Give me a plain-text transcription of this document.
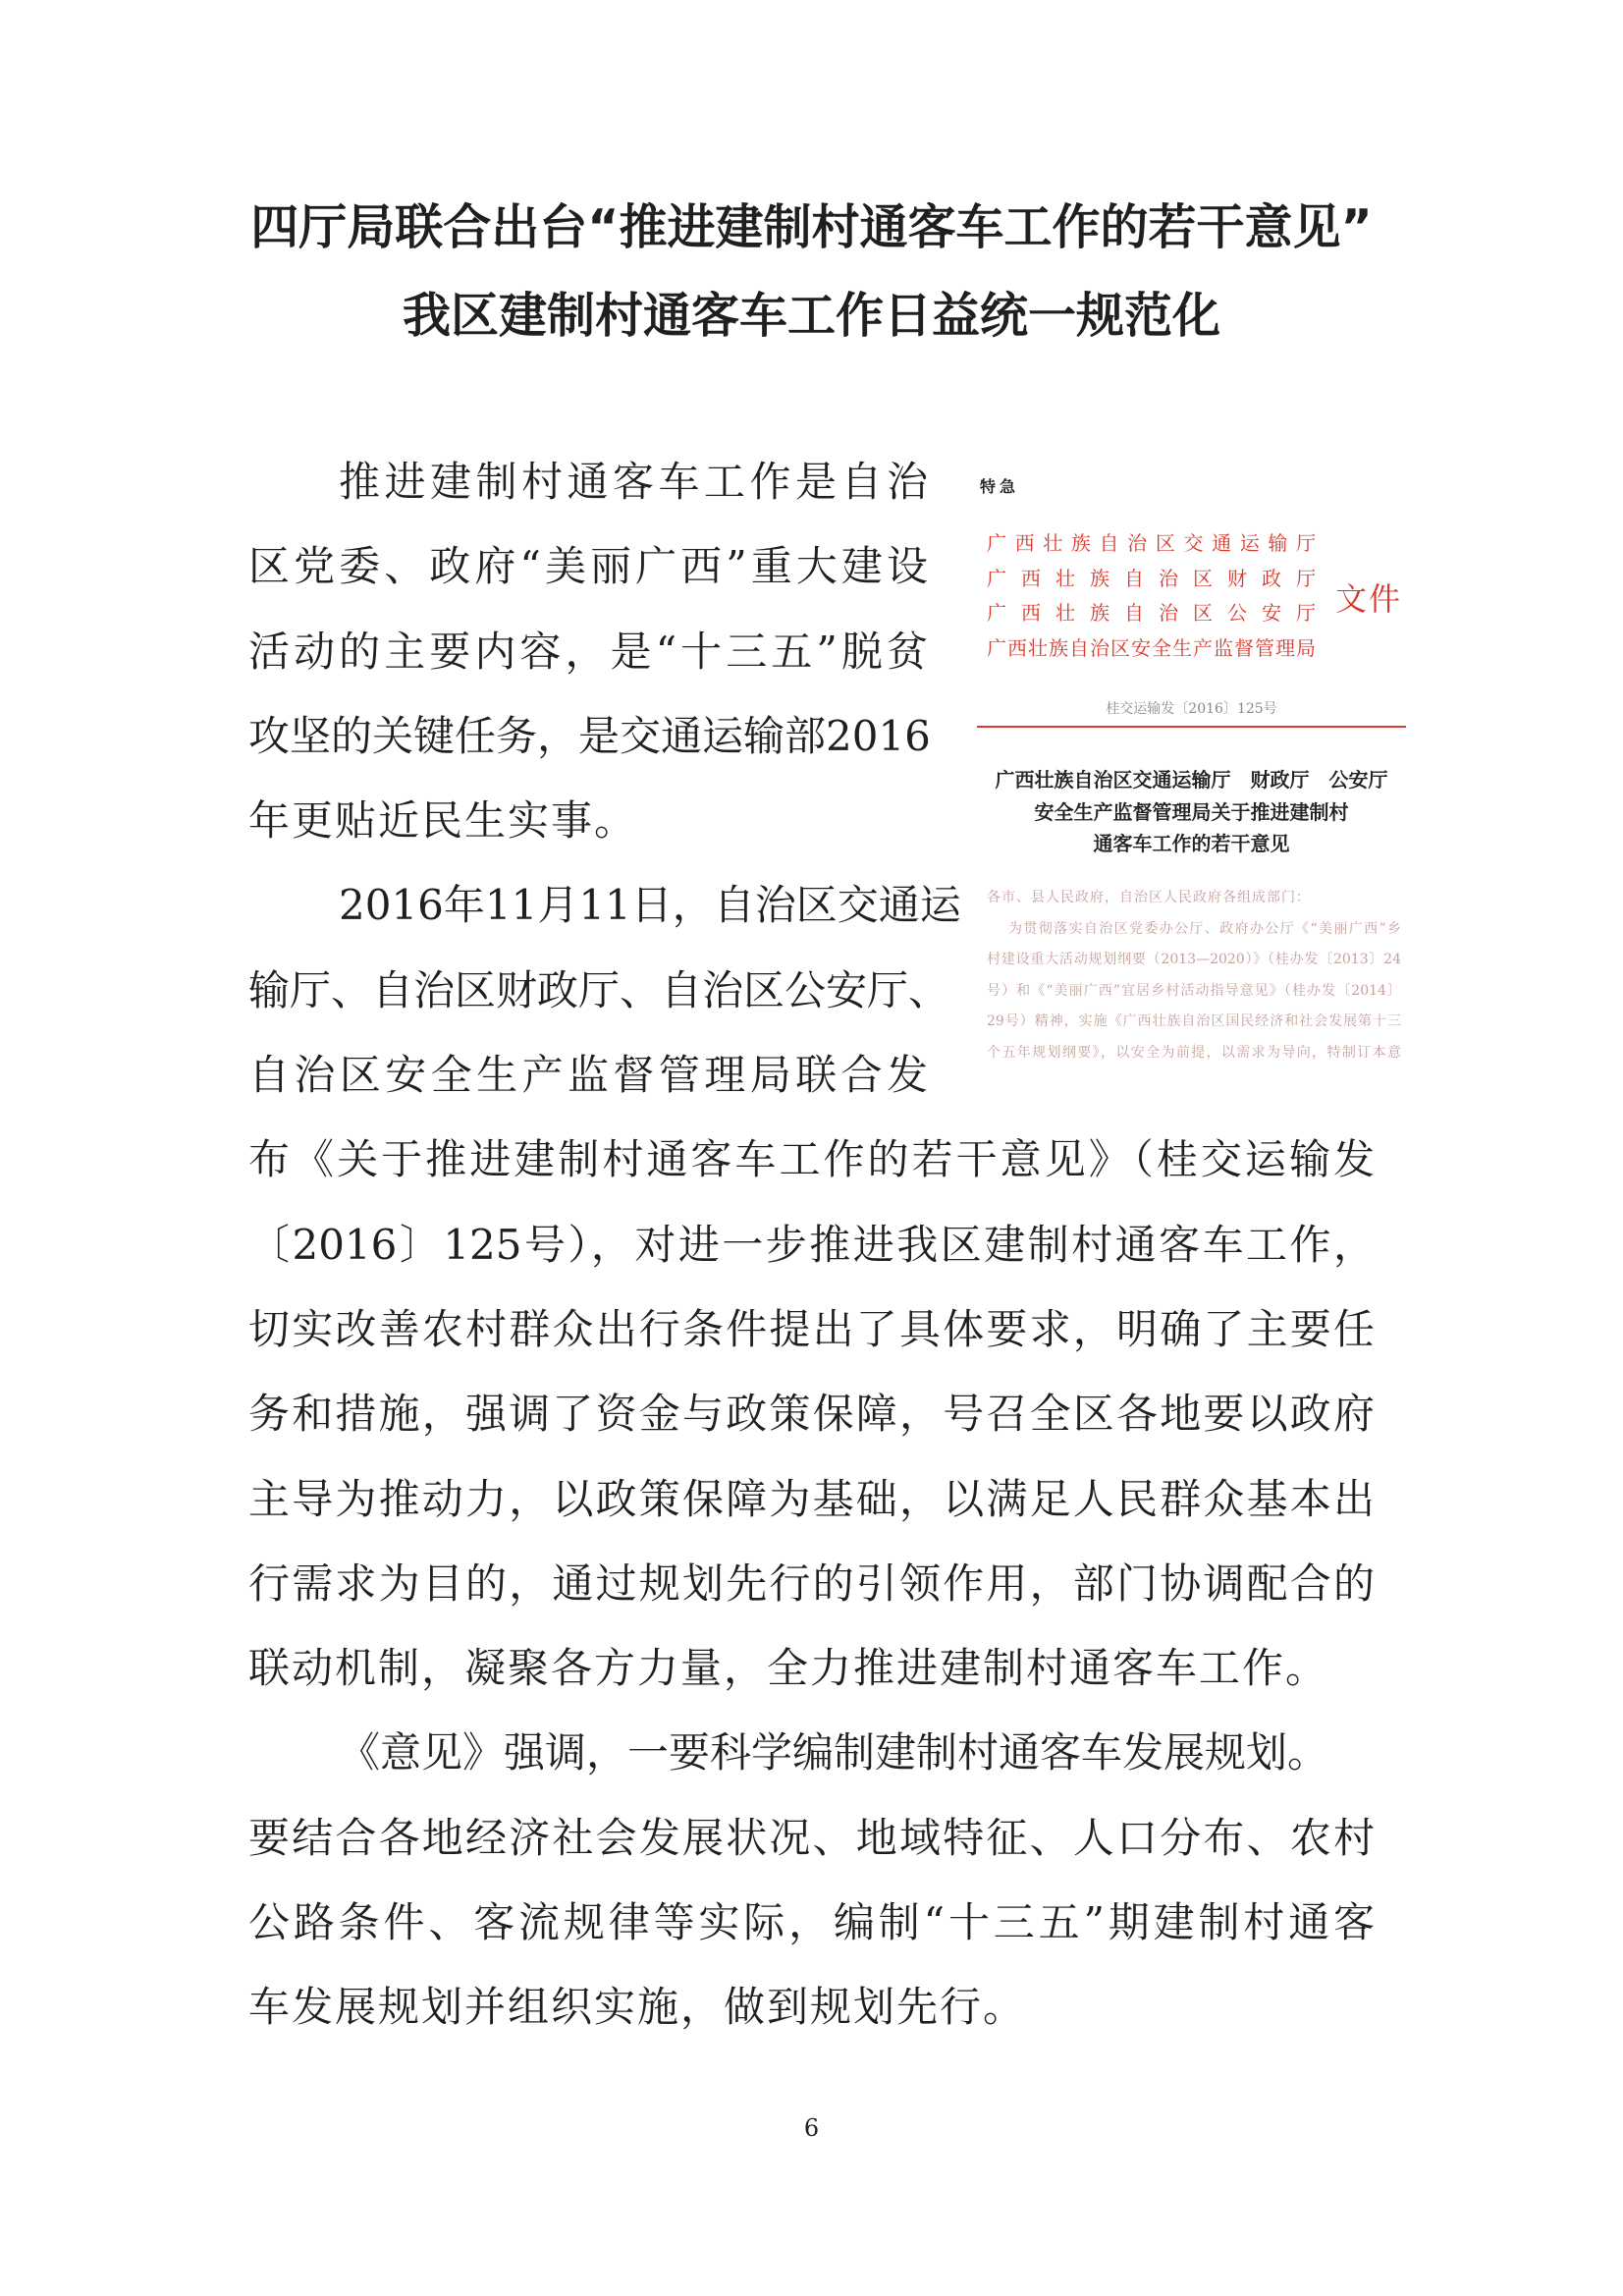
四厅局联合出台“推进建制村通客车工作的若干意见”
我区建制村通客车工作日益统一规范化
推进建制村通客车工作是自治
区党委、政府“美丽广西”重大建设
活动的主要内容，是“十三五”脱贫
攻坚的关键任务，是交通运输部2016
年更贴近民生实事。
2016年11月11日，自治区交通运
输厅、自治区财政厅、自治区公安厅、
自治区安全生产监督管理局联合发
布《关于推进建制村通客车工作的若干意见》（桂交运输发
〔2016〕125号），对进一步推进我区建制村通客车工作，
切实改善农村群众出行条件提出了具体要求，明确了主要任
务和措施，强调了资金与政策保障，号召全区各地要以政府
主导为推动力，以政策保障为基础，以满足人民群众基本出
行需求为目的，通过规划先行的引领作用，部门协调配合的
联动机制，凝聚各方力量，全力推进建制村通客车工作。
《意见》强调，一要科学编制建制村通客车发展规划。
要结合各地经济社会发展状况、地域特征、人口分布、农村
公路条件、客流规律等实际，编制“十三五”期建制村通客
车发展规划并组织实施，做到规划先行。
特急
广西壮族自治区交通运输厅
广西壮族自治区财政厅
广西壮族自治区公安厅
广西壮族自治区安全生产监督管理局
文件
桂交运输发〔2016〕125号
广西壮族自治区交通运输厅　财政厅　公安厅
安全生产监督管理局关于推进建制村
通客车工作的若干意见
各市、县人民政府，自治区人民政府各组成部门：
为贯彻落实自治区党委办公厅、政府办公厅《“美丽广西”乡
村建设重大活动规划纲要（2013—2020）》（桂办发〔2013〕24
号）和《“美丽广西”宜居乡村活动指导意见》（桂办发〔2014〕
29号）精神，实施《广西壮族自治区国民经济和社会发展第十三
个五年规划纲要》，以安全为前提，以需求为导向，特制订本意
6
